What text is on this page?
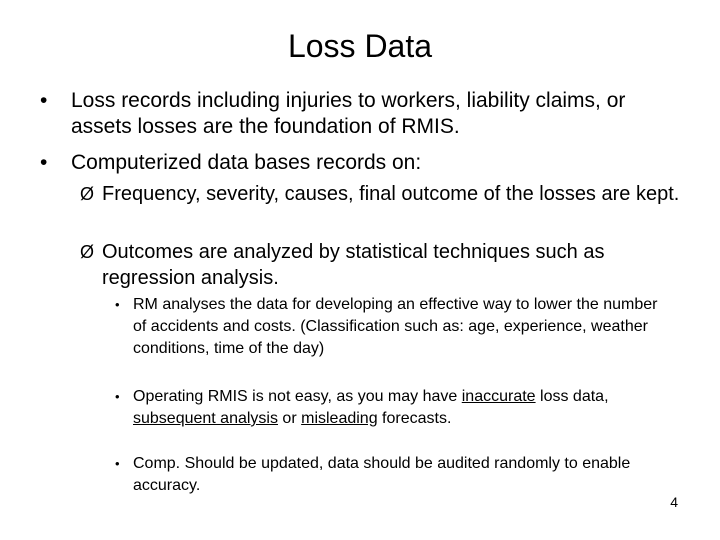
Loss Data
•	Loss records including injuries to workers, liability claims, or assets losses are the foundation of RMIS.
•	Computerized data bases records on:
Ø Frequency, severity, causes, final outcome of the losses are kept.
Ø Outcomes are analyzed by statistical techniques such as regression analysis.
• RM analyses the data for developing an effective way to lower the number of accidents and costs. (Classification such as: age, experience, weather conditions, time of the day)
• Operating RMIS is not easy, as you may have inaccurate loss data, subsequent analysis or misleading forecasts.
• Comp. Should be updated, data should be audited randomly to enable accuracy.
4
